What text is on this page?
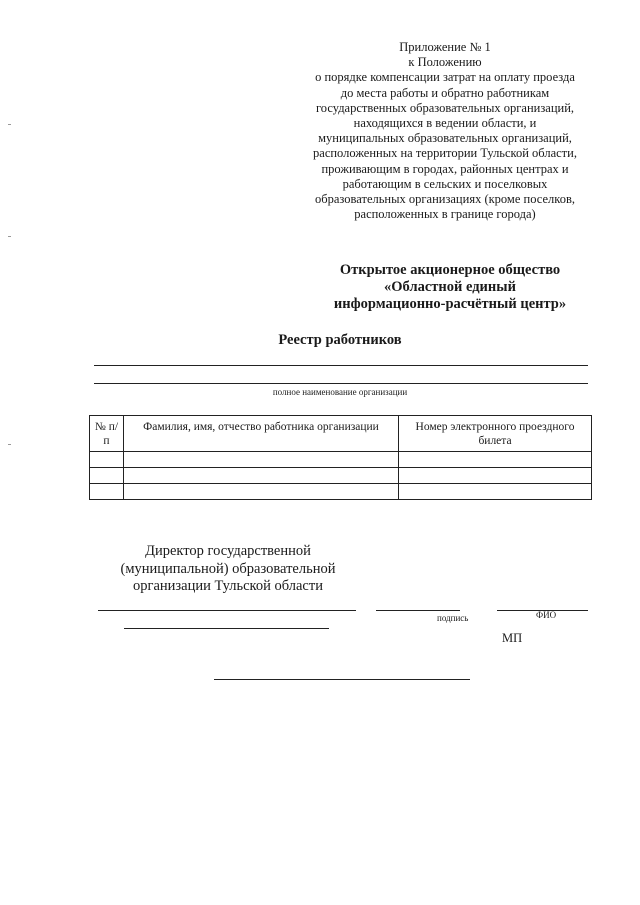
Приложение № 1
к Положению
о порядке компенсации затрат на оплату проезда
до места работы и обратно работникам
государственных образовательных организаций,
находящихся в ведении области, и
муниципальных образовательных организаций,
расположенных на территории Тульской области,
проживающим в городах, районных центрах и
работающим в сельских и поселковых
образовательных организациях (кроме поселков,
расположенных в границе города)
Открытое акционерное общество
«Областной единый
информационно-расчётный центр»
Реестр работников
полное наименование организации
№ п/п	Фамилия, имя, отчество работника организации	Номер электронного проездного билета

Директор государственной
(муниципальной) образовательной
организации Тульской области
подпись	ФИО
МП
